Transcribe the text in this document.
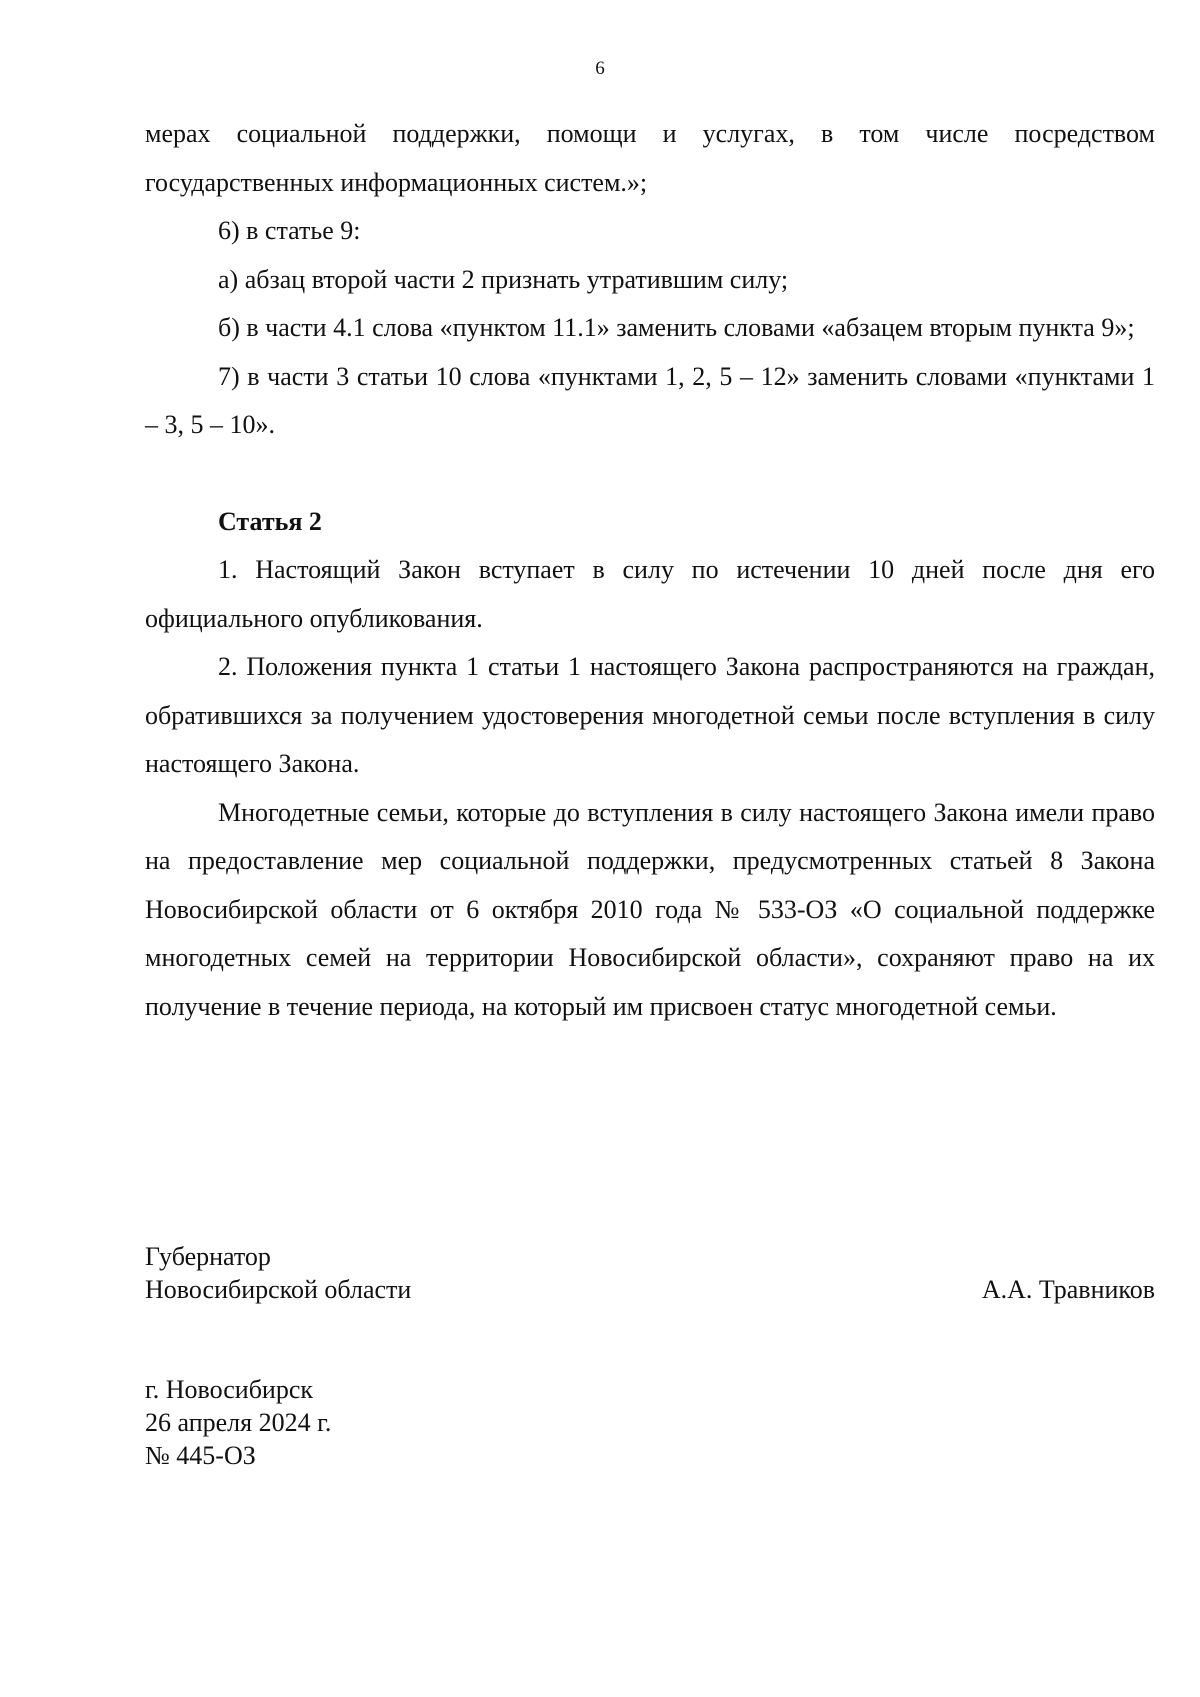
6

мерах социальной поддержки, помощи и услугах, в том числе посредством государственных информационных систем.»;

6) в статье 9:

а) абзац второй части 2 признать утратившим силу;

б) в части 4.1 слова «пунктом 11.1» заменить словами «абзацем вторым пункта 9»;

7) в части 3 статьи 10 слова «пунктами 1, 2, 5 – 12» заменить словами «пунктами 1 – 3, 5 – 10».

Статья 2

1. Настоящий Закон вступает в силу по истечении 10 дней после дня его официального опубликования.

2. Положения пункта 1 статьи 1 настоящего Закона распространяются на граждан, обратившихся за получением удостоверения многодетной семьи после вступления в силу настоящего Закона.

Многодетные семьи, которые до вступления в силу настоящего Закона имели право на предоставление мер социальной поддержки, предусмотренных статьей 8 Закона Новосибирской области от 6 октября 2010 года № 533-ОЗ «О социальной поддержке многодетных семей на территории Новосибирской области», сохраняют право на их получение в течение периода, на который им присвоен статус многодетной семьи.

Губернатор
Новосибирской области	А.А. Травников
г. Новосибирск
26 апреля 2024 г.
№ 445-ОЗ
